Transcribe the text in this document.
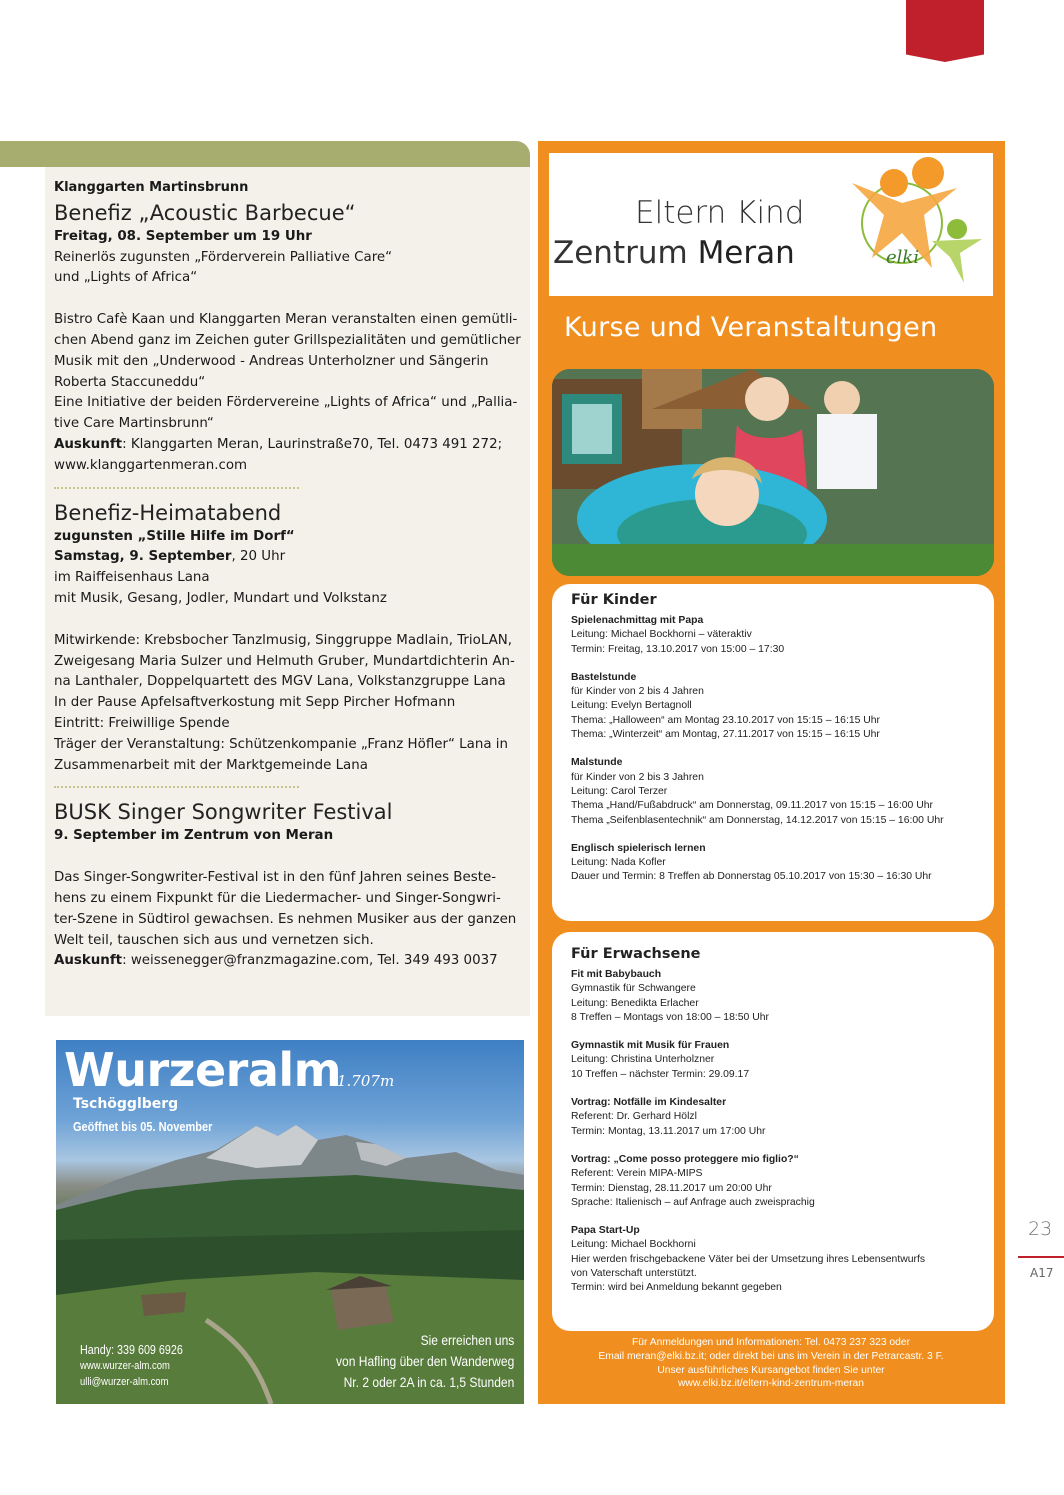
Klanggarten Martinsbrunn

Benefiz „Acoustic Barbecue“

Freitag, 08. September um 19 Uhr

Reinerlös zugunsten „Förderverein Palliative Care“

und „Lights of Africa“

Bistro Cafè Kaan und Klanggarten Meran veranstalten einen gemütli-

chen Abend ganz im Zeichen guter Grillspezialitäten und gemütlicher

Musik mit den „Underwood - Andreas Unterholzner und Sängerin

Roberta Staccuneddu“

Eine Initiative der beiden Fördervereine „Lights of Africa“ und „Pallia-

tive Care Martinsbrunn“

Auskunft: Klanggarten Meran, Laurinstraße70, Tel. 0473 491 272;

www.klanggartenmeran.com

Benefiz-Heimatabend

zugunsten „Stille Hilfe im Dorf“

Samstag, 9. September, 20 Uhr

im Raiffeisenhaus Lana

mit Musik, Gesang, Jodler, Mundart und Volkstanz

Mitwirkende: Krebsbocher Tanzlmusig, Singgruppe Madlain, TrioLAN,

Zweigesang Maria Sulzer und Helmuth Gruber, Mundartdichterin An-

na Lanthaler, Doppelquartett des MGV Lana, Volkstanzgruppe Lana

In der Pause Apfelsaftverkostung mit Sepp Pircher Hofmann

Eintritt: Freiwillige Spende

Träger der Veranstaltung: Schützenkompanie „Franz Höfler“ Lana in

Zusammenarbeit mit der Marktgemeinde Lana

BUSK Singer Songwriter Festival

9. September im Zentrum von Meran

Das Singer-Songwriter-Festival ist in den fünf Jahren seines Beste-

hens zu einem Fixpunkt für die Liedermacher- und Singer-Songwri-

ter-Szene in Südtirol gewachsen. Es nehmen Musiker aus der ganzen

Welt teil, tauschen sich aus und vernetzen sich.

Auskunft: weissenegger@franzmagazine.com, Tel. 349 493 0037

Wurzeralm
1.707m
Tschögglberg
Geöffnet bis 05. November
Handy: 339 609 6926
www.wurzer-alm.com
ulli@wurzer-alm.com
Sie erreichen uns
von Hafling über den Wanderweg
Nr. 2 oder 2A in ca. 1,5 Stunden
Eltern Kind
Zentrum Meran	elki
Kurse und Veranstaltungen

Für Kinder

Spielenachmittag mit Papa
Leitung: Michael Bockhorni – väteraktiv
Termin: Freitag, 13.10.2017 von 15:00 – 17:30
Bastelstunde
für Kinder von 2 bis 4 Jahren
Leitung: Evelyn Bertagnoll
Thema: „Halloween“ am Montag 23.10.2017 von 15:15 – 16:15 Uhr
Thema: „Winterzeit“ am Montag, 27.11.2017 von 15:15 – 16:15 Uhr
Malstunde
für Kinder von 2 bis 3 Jahren
Leitung: Carol Terzer
Thema „Hand/Fußabdruck“ am Donnerstag, 09.11.2017 von 15:15 – 16:00 Uhr
Thema „Seifenblasentechnik“ am Donnerstag, 14.12.2017 von 15:15 – 16:00 Uhr
Englisch spielerisch lernen
Leitung: Nada Kofler
Dauer und Termin: 8 Treffen ab Donnerstag 05.10.2017 von 15:30 – 16:30 Uhr

Für Erwachsene

Fit mit Babybauch
Gymnastik für Schwangere
Leitung: Benedikta Erlacher
8 Treffen – Montags von 18:00 – 18:50 Uhr
Gymnastik mit Musik für Frauen
Leitung: Christina Unterholzner
10 Treffen – nächster Termin: 29.09.17
Vortrag: Notfälle im Kindesalter
Referent: Dr. Gerhard Hölzl
Termin: Montag, 13.11.2017 um 17:00 Uhr
Vortrag: „Come posso proteggere mio figlio?“
Referent: Verein MIPA-MIPS
Termin: Dienstag, 28.11.2017 um 20:00 Uhr
Sprache: Italienisch – auf Anfrage auch zweisprachig
Papa Start-Up
Leitung: Michael Bockhorni
Hier werden frischgebackene Väter bei der Umsetzung ihres Lebensentwurfs
von Vaterschaft unterstützt.
Termin: wird bei Anmeldung bekannt gegeben
Für Anmeldungen und Informationen: Tel. 0473 237 323 oder
Email meran@elki.bz.it; oder direkt bei uns im Verein in der Petrarcastr. 3 F.
Unser ausführliches Kursangebot finden Sie unter
www.elki.bz.it/eltern-kind-zentrum-meran
23
A17
